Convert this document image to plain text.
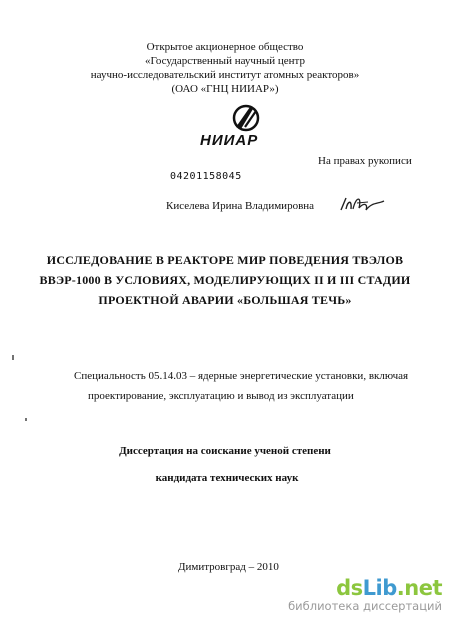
Открытое акционерное общество
«Государственный научный центр
научно-исследовательский институт атомных реакторов»
(ОАО «ГНЦ НИИАР»)
НИИАР
На правах рукописи
04201158045
Киселева Ирина Владимировна
ИССЛЕДОВАНИЕ В РЕАКТОРЕ МИР ПОВЕДЕНИЯ ТВЭЛОВ
ВВЭР-1000 В УСЛОВИЯХ, МОДЕЛИРУЮЩИХ II И III СТАДИИ
ПРОЕКТНОЙ АВАРИИ «БОЛЬШАЯ ТЕЧЬ»
Специальность 05.14.03 – ядерные энергетические установки, включая
проектирование, эксплуатацию и вывод из эксплуатации
Диссертация на соискание ученой степени
кандидата технических наук
Димитровград – 2010
dsLib.net
библиотека диссертаций
